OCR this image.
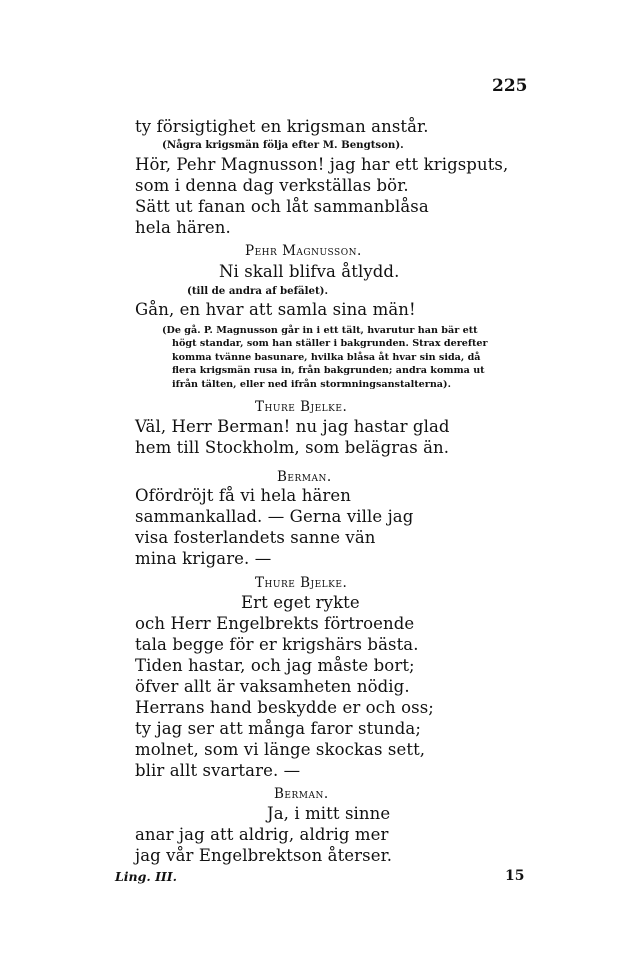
225
ty försigtighet en krigsman anstår.
(Några krigsmän följa efter M. Bengtson).
Hör, Pehr Magnusson! jag har ett krigsputs,
som i denna dag verkställas bör.
Sätt ut fanan och låt sammanblåsa
hela hären.
Pehr Magnusson.
Ni skall blifva åtlydd.
(till de andra af befälet).
Gån, en hvar att samla sina män!
(De gå. P. Magnusson går in i ett tält, hvarutur han bär ett
högt standar, som han ställer i bakgrunden. Strax derefter
komma tvänne basunare, hvilka blåsa åt hvar sin sida, då
flera krigsmän rusa in, från bakgrunden; andra komma ut
ifrån tälten, eller ned ifrån stormningsanstalterna).
Thure Bjelke.
Väl, Herr Berman! nu jag hastar glad
hem till Stockholm, som belägras än.
Berman.
Ofördröjt få vi hela hären
sammankallad. — Gerna ville jag
visa fosterlandets sanne vän
mina krigare. —
Thure Bjelke.
Ert eget rykte
och Herr Engelbrekts förtroende
tala begge för er krigshärs bästa.
Tiden hastar, och jag måste bort;
öfver allt är vaksamheten nödig.
Herrans hand beskydde er och oss;
ty jag ser att många faror stunda;
molnet, som vi länge skockas sett,
blir allt svartare. —
Berman.
Ja, i mitt sinne
anar jag att aldrig, aldrig mer
jag vår Engelbrektson återser.
Ling. III.	15
